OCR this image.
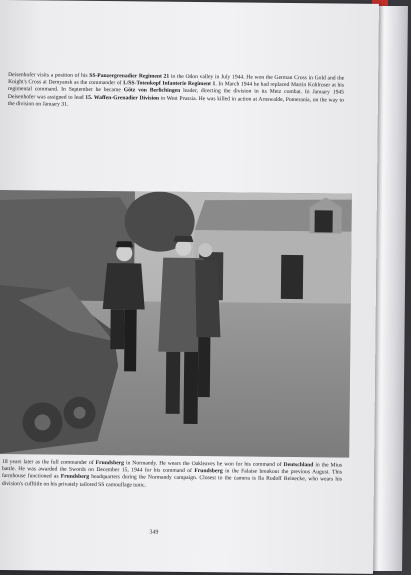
Deisenhofer visits a position of his SS-Panzergrenadier Regiment 21 in the Odon valley in July 1944. He won the German Cross in Gold and the Knight's Cross at Demyansk as the commander of I./SS-Totenkopf Infanterie Regiment 1. In March 1944 he had replaced Martin Kohlroser at his regimental command. In September he became Götz von Berlichingen leader, directing the division in its Metz combat. In January 1945 Deisenhofer was assigned to lead 15. Waffen-Grenadier Division in West Prussia. He was killed in action at Arnswalde, Pomerania, on the way to the division on January 31.

18 years later as the full commander of Frundsberg in Normandy. He wears the Oakleaves he won for his command of Deutschland in the Mius battle. He was awarded the Swords on December 15, 1944 for his command of Frundsberg in the Falaise breakout the previous August. This farmhouse functioned as Frundsberg headquarters during the Normandy campaign. Closest to the camera is Ila Rudolf Reinecke, who wears his division's cufftitle on his privately tailored SS camouflage tunic.

349
